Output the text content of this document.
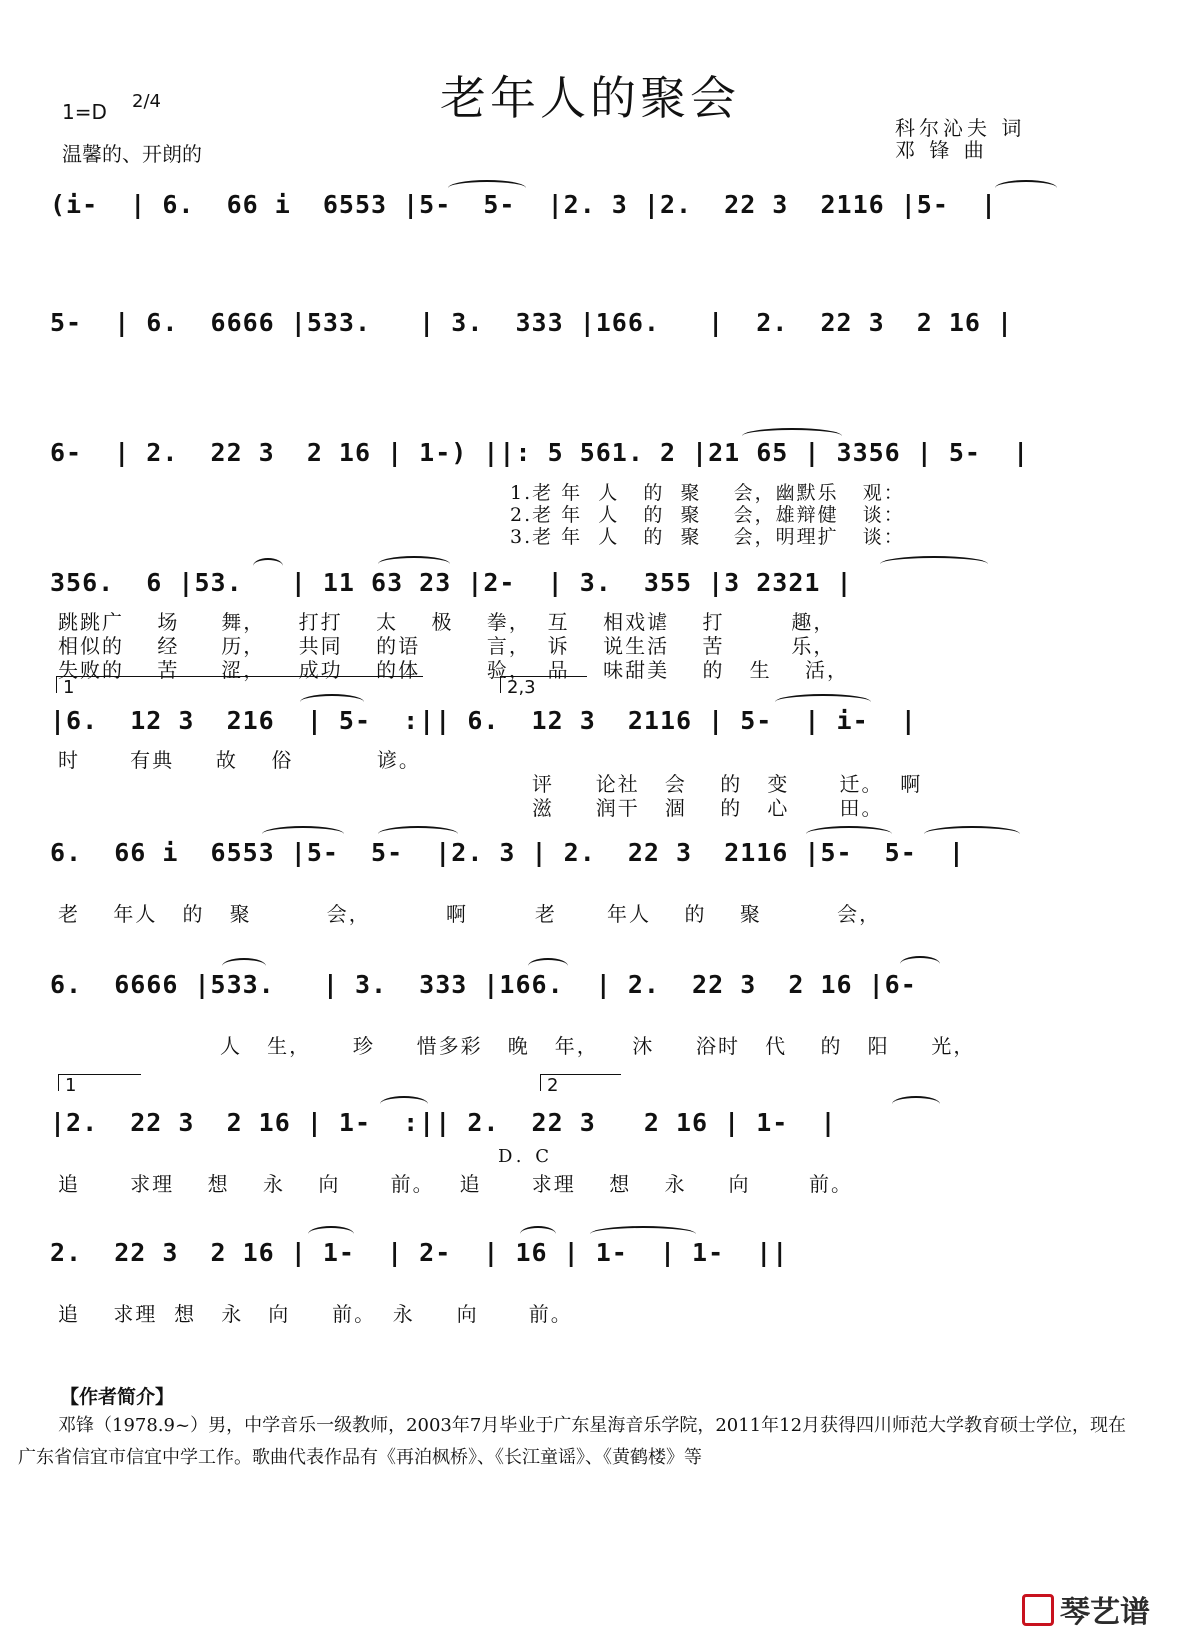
老年人的聚会
1=D 2/4
温馨的、开朗的
科尔沁夫 词
邓 锋 曲
(i-  | 6.  66 i  6553 |5-  5-  |2. 3 |2.  22 3  2116 |5-  |
5-  | 6.  6666 |533.   | 3.  333 |166.   |  2.  22 3  2 16 |
6-  | 2.  22 3  2 16 | 1-) ||: 5 561. 2 |21 65 | 3356 | 5-  |
1.老 年  人   的  聚    会，幽默乐   观：
2.老 年  人   的  聚    会，雄辩健   谈：
3.老 年  人   的  聚    会，明理扩   谈：
356.  6 |53.   | 11 63 23 |2-  | 3.  355 |3 2321 |
跳跳广    场     舞，    打打    太    极    拳，  互    相戏谑    打        趣，
相似的    经     历，    共同    的语        言，  诉    说生活    苦        乐，
失败的    苦     涩，    成功    的体        验，  品    味甜美    的   生    活，
1	2,3
|6.  12 3  216  | 5-  :|| 6.  12 3  2116 | 5-  | i-  |
时      有典     故    俗          谚。
评     论社   会    的   变      迁。  啊
滋     润干   涸    的   心      田。
6.  66 i  6553 |5-  5-  |2. 3 | 2.  22 3  2116 |5-  5-  |
老    年人   的   聚         会，         啊        老      年人    的    聚         会，
6.  6666 |533.   | 3.  333 |166.  | 2.  22 3  2 16 |6-
人   生，     珍     惜多彩   晚   年，    沐     浴时   代    的   阳     光，
1	2
|2.  22 3  2 16 | 1-  :|| 2.  22 3   2 16 | 1-  |
D. C
追      求理    想    永    向      前。   追      求理    想    永     向       前。
2.  22 3  2 16 | 1-  | 2-  | 16 | 1-  | 1-  ||
追    求理  想   永   向     前。  永     向      前。
【作者简介】
邓锋（1978.9~）男，中学音乐一级教师，2003年7月毕业于广东星海音乐学院，2011年12月获得四川师范大学教育硕士学位，现在广东省信宜市信宜中学工作。歌曲代表作品有《再泊枫桥》、《长江童谣》、《黄鹤楼》等
琴艺谱
